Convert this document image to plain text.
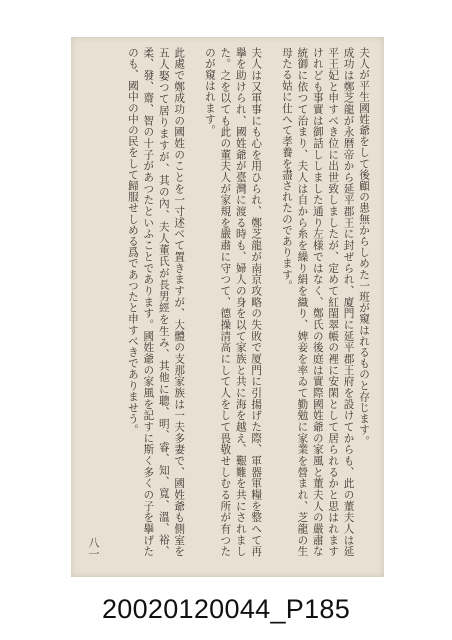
夫人が平生國姓爺をして後顧の患無からしめた一班が窺はれるものと存じます。

成功は鄭芝龍が永暦帝から延平郡王に封ぜられ、廈門に延平郡王府を設けてからも、此の董夫人は延平王妃と申すべき位に出世致しましたが、定めて紅閨翠帳の裡に安閑として居られるかと思はれますけれども事實は御話ししました通り左様ではなく、鄭氏の後庭は實際國姓爺の家風と董夫人の嚴肅な統御に依つて治まり、夫人は自から糸を繰り絹を織り、婢妾を率ゐて勤勉に家業を營まれ、芝龍の生母たる姑に仕へて孝養を盡されたのであります。

夫人は又軍事にも心を用ひられ、鄭芝龍が南京攻略の失敗で厦門に引揚げた際、軍器軍糧を整へて再擧を助けられ、國姓爺が臺灣に渡る時も、婦人の身を以て家族と共に海を越え、艱難を共にされました。之を以ても此の董夫人が家規を嚴肅に守つて、德操清高にして人をして畏敬せしむる所が有つたのが窺はれます。

此處で鄭成功の國姓のことを一寸述べて置きますが、大體の支那家族は一夫多妻で、國姓爺も側室を五人娶つて居りますが、其の內、夫人董氏が長男經を生み、其他に聰、明、睿、知、寬、溫、裕、柔、發、齋、智の十子があつたといふことであります。國姓爺の家風を記すに斯く多くの子を擧げたのも、國中の中の民をして歸服せしめる爲であつたと申すべきでありませう。

八一
20020120044_P185
